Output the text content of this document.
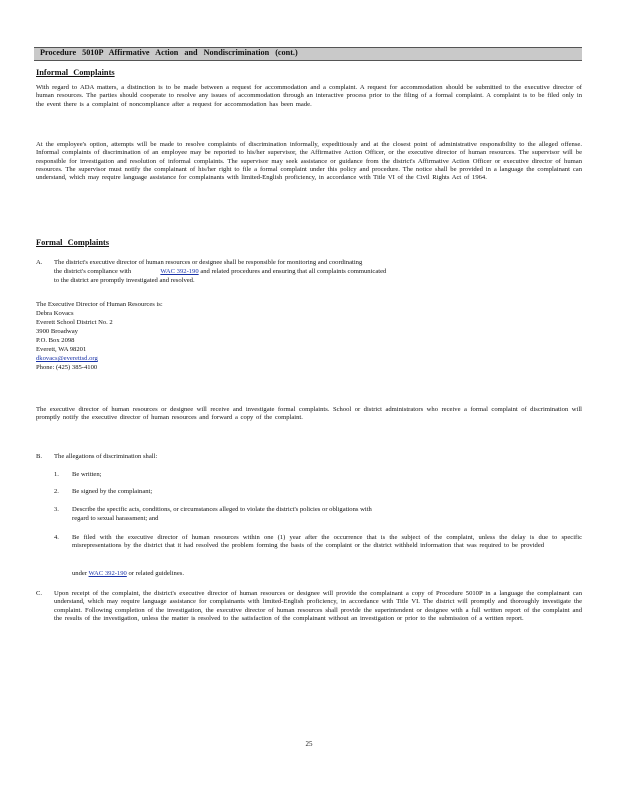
Procedure 5010P Affirmative Action and Nondiscrimination (cont.)
Informal Complaints

With regard to ADA matters, a distinction is to be made between a request for accommodation and a complaint. A request for accommodation should be submitted to the executive director of human resources. The parties should cooperate to resolve any issues of accommodation through an interactive process prior to the filing of a formal complaint. A complaint is to be filed only in the event there is a complaint of noncompliance after a request for accommodation has been made.

At the employee's option, attempts will be made to resolve complaints of discrimination informally, expeditiously and at the closest point of administrative responsibility to the alleged offense. Informal complaints of discrimination of an employee may be reported to his/her supervisor, the Affirmative Action Officer, or the executive director of human resources. The supervisor will be responsible for investigation and resolution of informal complaints. The supervisor may seek assistance or guidance from the district's Affirmative Action Officer or executive director of human resources. The supervisor must notify the complainant of his/her right to file a formal complaint under this policy and procedure. The notice shall be provided in a language the complainant can understand, which may require language assistance for complainants with limited-English proficiency, in accordance with Title VI of the Civil Rights Act of 1964.

Formal Complaints
A. The district's executive director of human resources or designee shall be responsible for monitoring and coordinating

the district's compliance with	WAC 392-190 and related procedures and ensuring that all complaints communicated

to the district are promptly investigated and resolved.

The Executive Director of Human Resources is:

Debra Kovacs

Everett School District No. 2

3900 Broadway

P.O. Box 2098

Everett, WA 98201

dkovacs@everettsd.org

Phone: (425) 385-4100

The executive director of human resources or designee will receive and investigate formal complaints. School or district administrators who receive a formal complaint of discrimination will promptly notify the executive director of human resources and forward a copy of the complaint.

B. The allegations of discrimination shall:

1. Be written;

2. Be signed by the complainant;

3. Describe the specific acts, conditions, or circumstances alleged to violate the district's policies or obligations with

regard to sexual harassment; and

4. Be filed with the executive director of human resources within one (1) year after the occurrence that is the subject of the complaint, unless the delay is due to specific misrepresentations by the district that it had resolved the problem forming the basis of the complaint or the district withheld information that was required to be provided

under WAC 392-190 or related guidelines.

C. Upon receipt of the complaint, the district's executive director of human resources or designee will provide the complainant a copy of Procedure 5010P in a language the complainant can understand, which may require language assistance for complainants with limited-English proficiency, in accordance with Title VI. The district will promptly and thoroughly investigate the complaint. Following completion of the investigation, the executive director of human resources shall provide the superintendent or designee with a full written report of the complaint and the results of the investigation, unless the matter is resolved to the satisfaction of the complainant without an investigation or prior to the submission of a written report.

25
